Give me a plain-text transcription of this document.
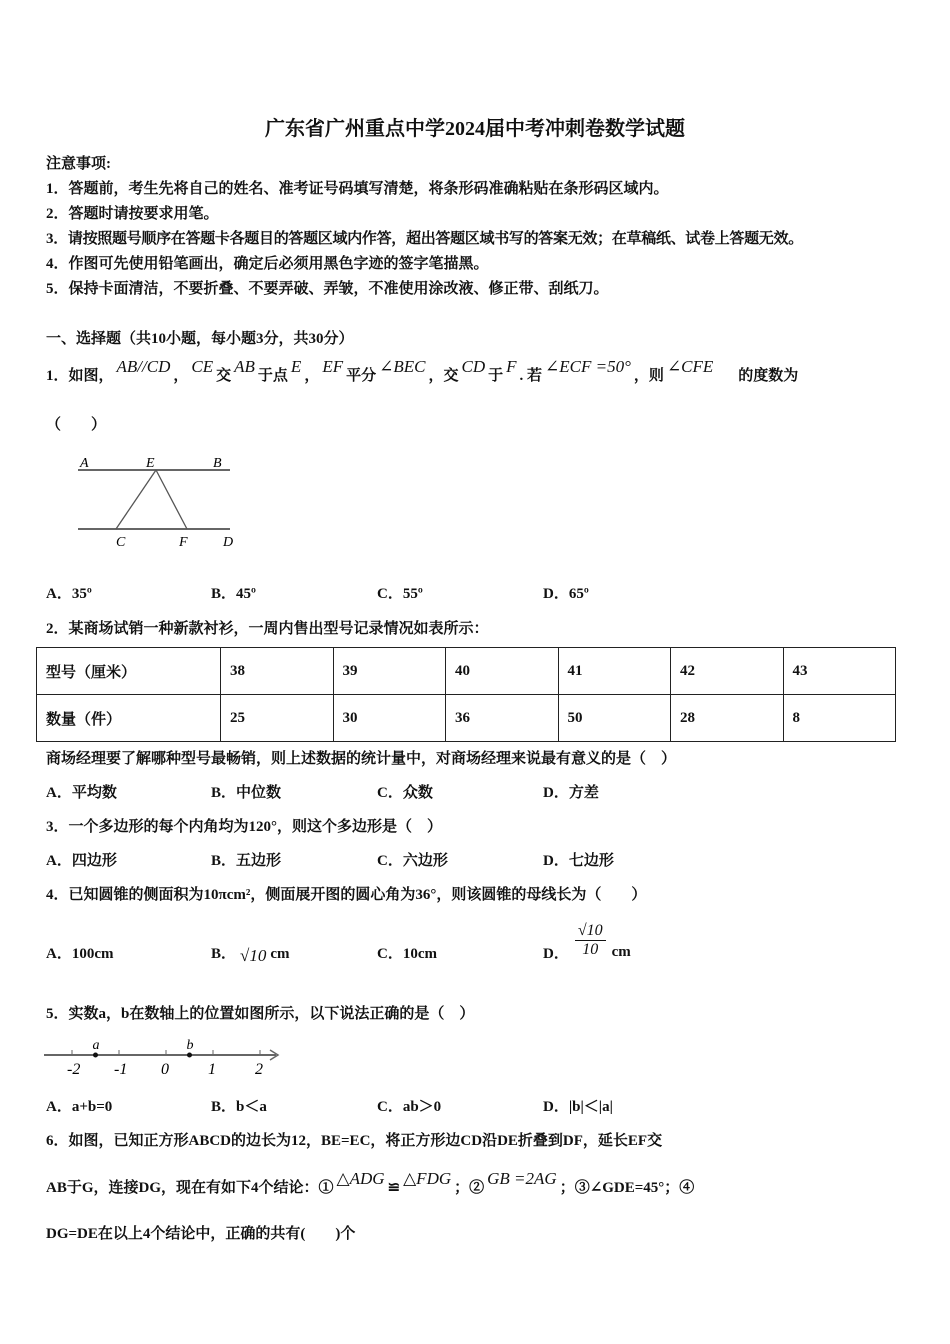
广东省广州重点中学2024届中考冲刺卷数学试题
注意事项:
1．答题前，考生先将自己的姓名、准考证号码填写清楚，将条形码准确粘贴在条形码区域内。
2．答题时请按要求用笔。
3．请按照题号顺序在答题卡各题目的答题区域内作答，超出答题区域书写的答案无效；在草稿纸、试卷上答题无效。
4．作图可先使用铅笔画出，确定后必须用黑色字迹的签字笔描黑。
5．保持卡面清洁，不要折叠、不要弄破、弄皱，不准使用涂改液、修正带、刮纸刀。
一、选择题（共10小题，每小题3分，共30分）
1．如图， AB//CD ， CE 交 AB 于点 E ， EF 平分 ∠BEC ，交 CD 于 F . 若 ∠ECF =50° ，则 ∠CFE 的度数为
（　　）
A	E	B
C	F	D
A．35º	B．45º	C．55º	D．65º
2．某商场试销一种新款衬衫，一周内售出型号记录情况如表所示：
型号（厘米）	38	39	40	41	42	43
数量（件）	25	30	36	50	28	8
商场经理要了解哪种型号最畅销，则上述数据的统计量中，对商场经理来说最有意义的是（　）
A．平均数	B．中位数	C．众数	D．方差
3．一个多边形的每个内角均为120°，则这个多边形是（　）
A．四边形	B．五边形	C．六边形	D．七边形
4．已知圆锥的侧面积为10πcm²，侧面展开图的圆心角为36°，则该圆锥的母线长为（　　）
A．100cm	B． √10 cm	C．10cm	D．
√10
10 cm
5．实数a，b在数轴上的位置如图所示，以下说法正确的是（　）
-2 -1 0 1 2
a	b
A．a+b=0	B．b＜a	C．ab＞0	D．|b|＜|a|
6．如图，已知正方形ABCD的边长为12，BE=EC，将正方形边CD沿DE折叠到DF，延长EF交
AB于G，连接DG，现在有如下4个结论：① △ADG ≌ △FDG ；② GB =2AG ；③∠GDE=45°；④
DG=DE在以上4个结论中，正确的共有(　　)个
